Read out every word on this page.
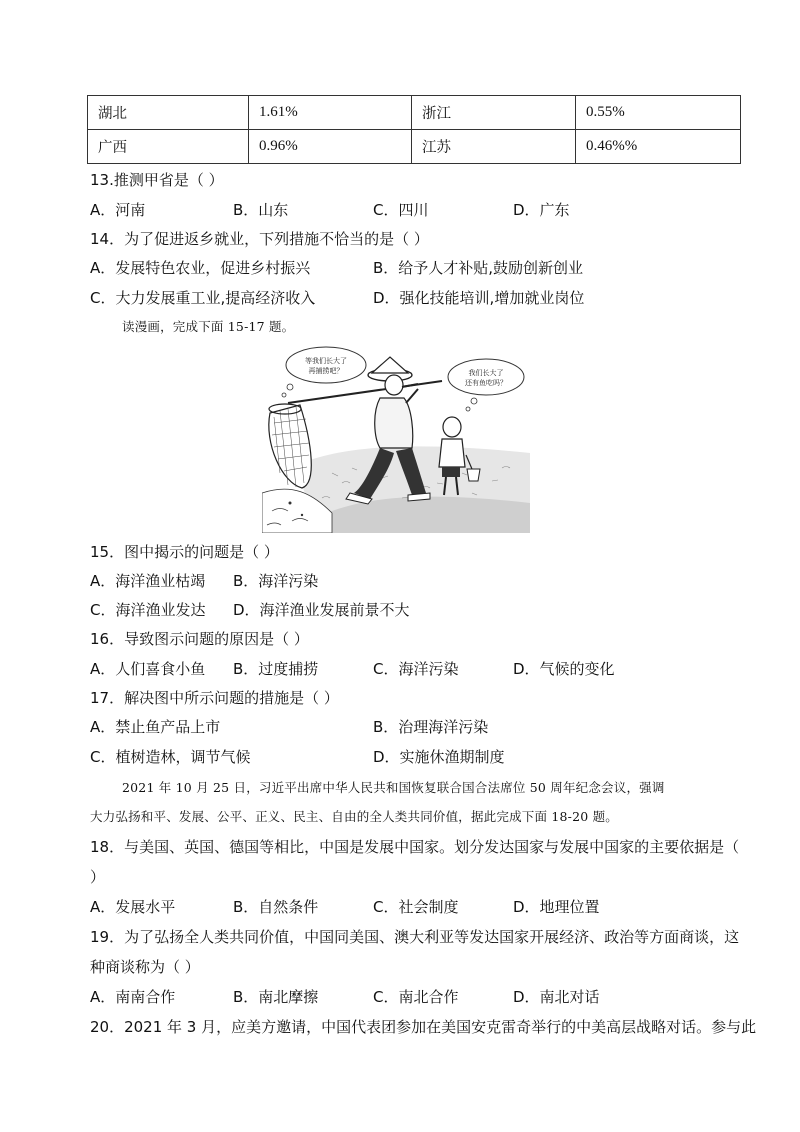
湖北	1.61%	浙江	0.55%
广西	0.96%	江苏	0.46%%
13.推测甲省是（ ）
A．河南	B．山东	C．四川	D．广东
14．为了促进返乡就业，下列措施不恰当的是（ ）
A．发展特色农业，促进乡村振兴	B．给予人才补贴,鼓励创新创业
C．大力发展重工业,提高经济收入	D．强化技能培训,增加就业岗位
读漫画，完成下面 15-17 题。
等我们长大了
再捕捞吧？	我们长大了
还有鱼吃吗？
15．图中揭示的问题是（ ）
A．海洋渔业枯竭 B．海洋污染
C．海洋渔业发达 D．海洋渔业发展前景不大
16．导致图示问题的原因是（ ）
A．人们喜食小鱼 B．过度捕捞	C．海洋污染	D．气候的变化
17．解决图中所示问题的措施是（ ）
A．禁止鱼产品上市	B．治理海洋污染
C．植树造林，调节气候	D．实施休渔期制度
2021 年 10 月 25 日，习近平出席中华人民共和国恢复联合国合法席位 50 周年纪念会议，强调
大力弘扬和平、发展、公平、正义、民主、自由的全人类共同价值，据此完成下面 18-20 题。
18．与美国、英国、德国等相比，中国是发展中国家。划分发达国家与发展中国家的主要依据是（
）
A．发展水平	B．自然条件	C．社会制度	D．地理位置
19．为了弘扬全人类共同价值，中国同美国、澳大利亚等发达国家开展经济、政治等方面商谈，这
种商谈称为（ ）
A．南南合作	B．南北摩擦	C．南北合作	D．南北对话
20．2021 年 3 月，应美方邀请，中国代表团参加在美国安克雷奇举行的中美高层战略对话。参与此
